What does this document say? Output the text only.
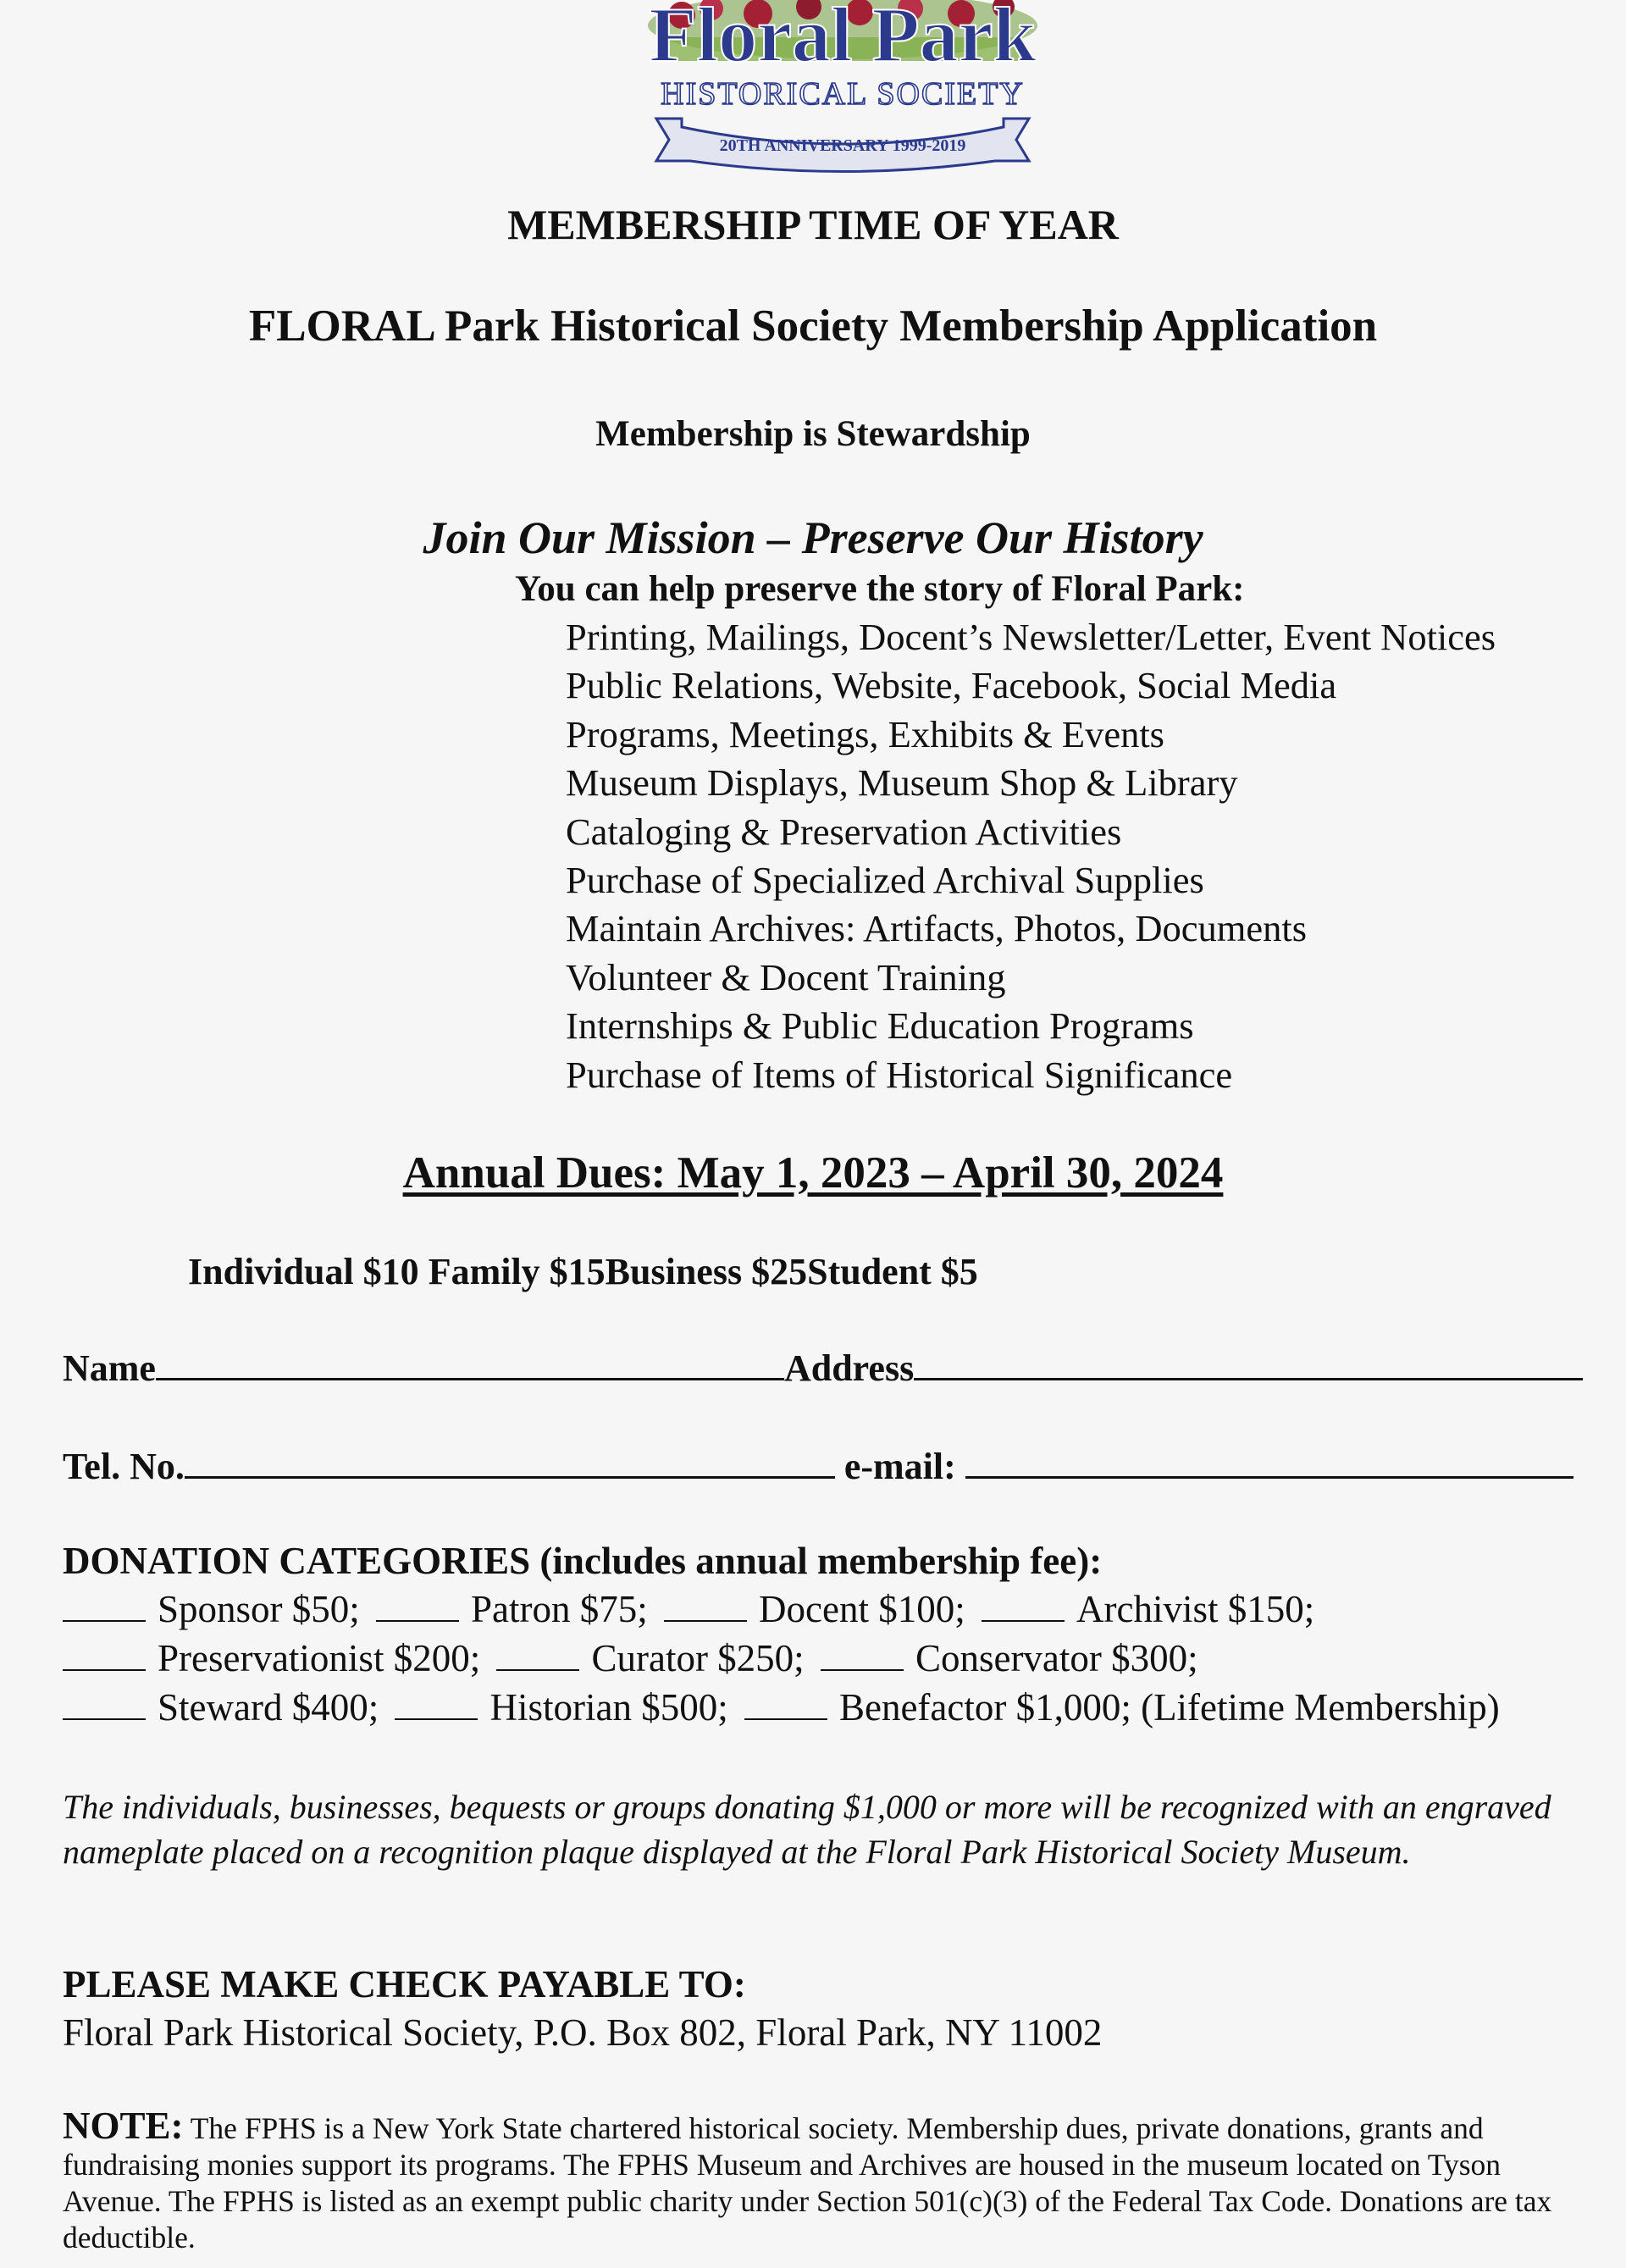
Floral Park
HISTORICAL SOCIETY
20TH ANNIVERSARY 1999-2019
MEMBERSHIP TIME OF YEAR
FLORAL Park Historical Society Membership Application
Membership is Stewardship
Join Our Mission – Preserve Our History
You can help preserve the story of Floral Park:
Printing, Mailings, Docent’s Newsletter/Letter, Event Notices
Public Relations, Website, Facebook, Social Media
Programs, Meetings, Exhibits & Events
Museum Displays, Museum Shop & Library
Cataloging & Preservation Activities
Purchase of Specialized Archival Supplies
Maintain Archives: Artifacts, Photos, Documents
Volunteer & Docent Training
Internships & Public Education Programs
Purchase of Items of Historical Significance
Annual Dues: May 1, 2023 – April 30, 2024
Individual $10 Family $15Business $25Student $5
Name	Address
Tel. No.	e-mail:
DONATION CATEGORIES (includes annual membership fee):
Sponsor $50;	Patron $75;	Docent $100;	Archivist $150;
Preservationist $200;	Curator $250;	Conservator $300;
Steward $400;	Historian $500;	Benefactor $1,000; (Lifetime Membership)
The individuals, businesses, bequests or groups donating $1,000 or more will be recognized with an engraved nameplate placed on a recognition plaque displayed at the Floral Park Historical Society Museum.
PLEASE MAKE CHECK PAYABLE TO:
Floral Park Historical Society, P.O. Box 802, Floral Park, NY 11002
NOTE: The FPHS is a New York State chartered historical society. Membership dues, private donations, grants and fundraising monies support its programs. The FPHS Museum and Archives are housed in the museum located on Tyson Avenue. The FPHS is listed as an exempt public charity under Section 501(c)(3) of the Federal Tax Code. Donations are tax deductible.
